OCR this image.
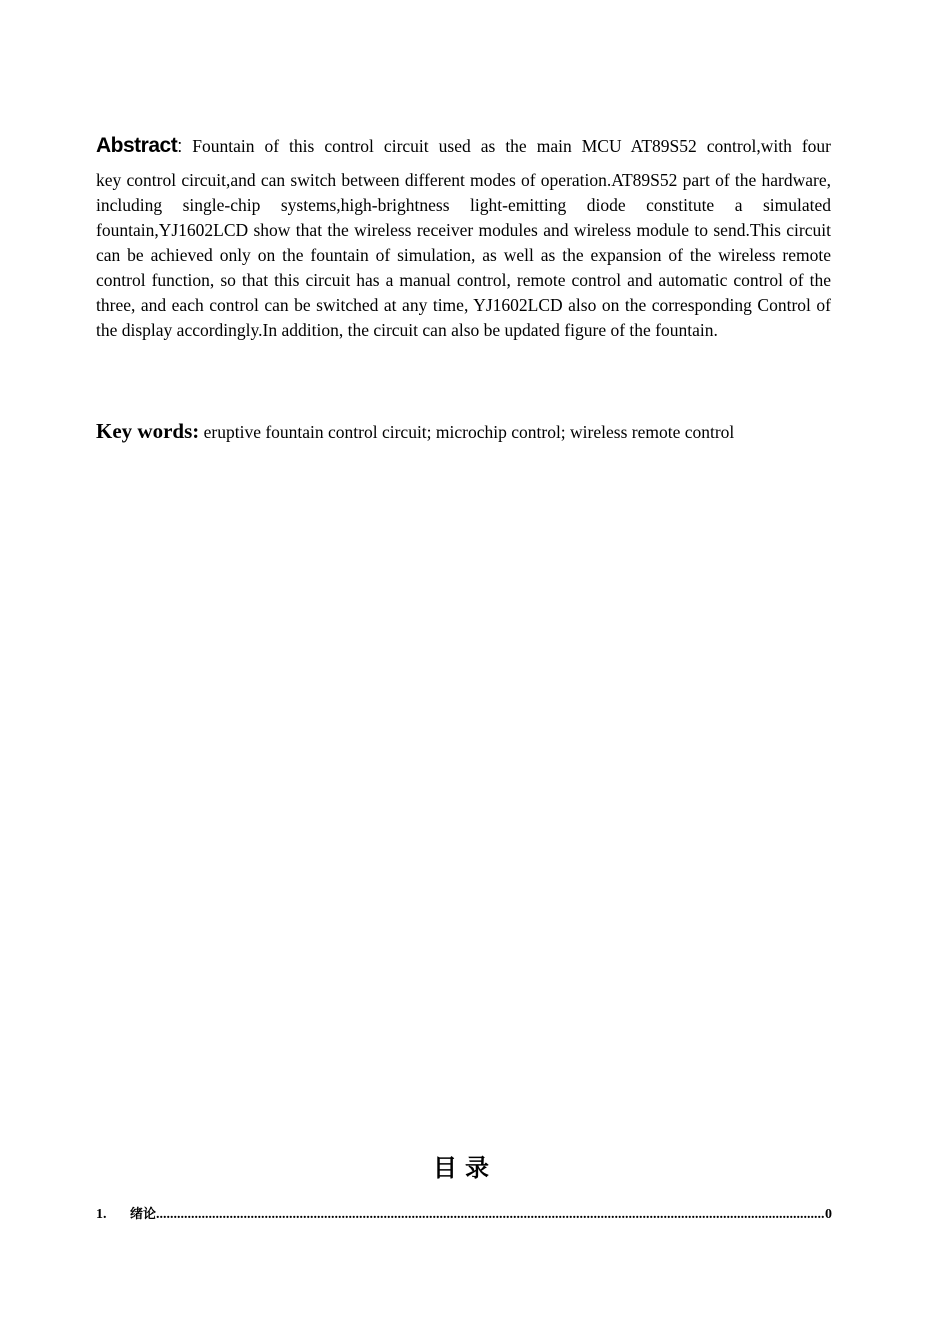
Abstract: Fountain of this control circuit used as the main MCU AT89S52 control,with four
key control circuit,and can switch between different modes of operation.AT89S52 part of the hardware, including single-chip systems,high-brightness light-emitting diode constitute a simulated fountain,YJ1602LCD show that the wireless receiver modules and wireless module to send.This circuit can be achieved only on the fountain of simulation, as well as the expansion of the wireless remote control function, so that this circuit has a manual control, remote control and automatic control of the three, and each control can be switched at any time, YJ1602LCD also on the corresponding Control of the display accordingly.In addition, the circuit can also be updated figure of the fountain.
Key words: eruptive fountain control circuit; microchip control; wireless remote control
目录
1.	绪论
.....	0
